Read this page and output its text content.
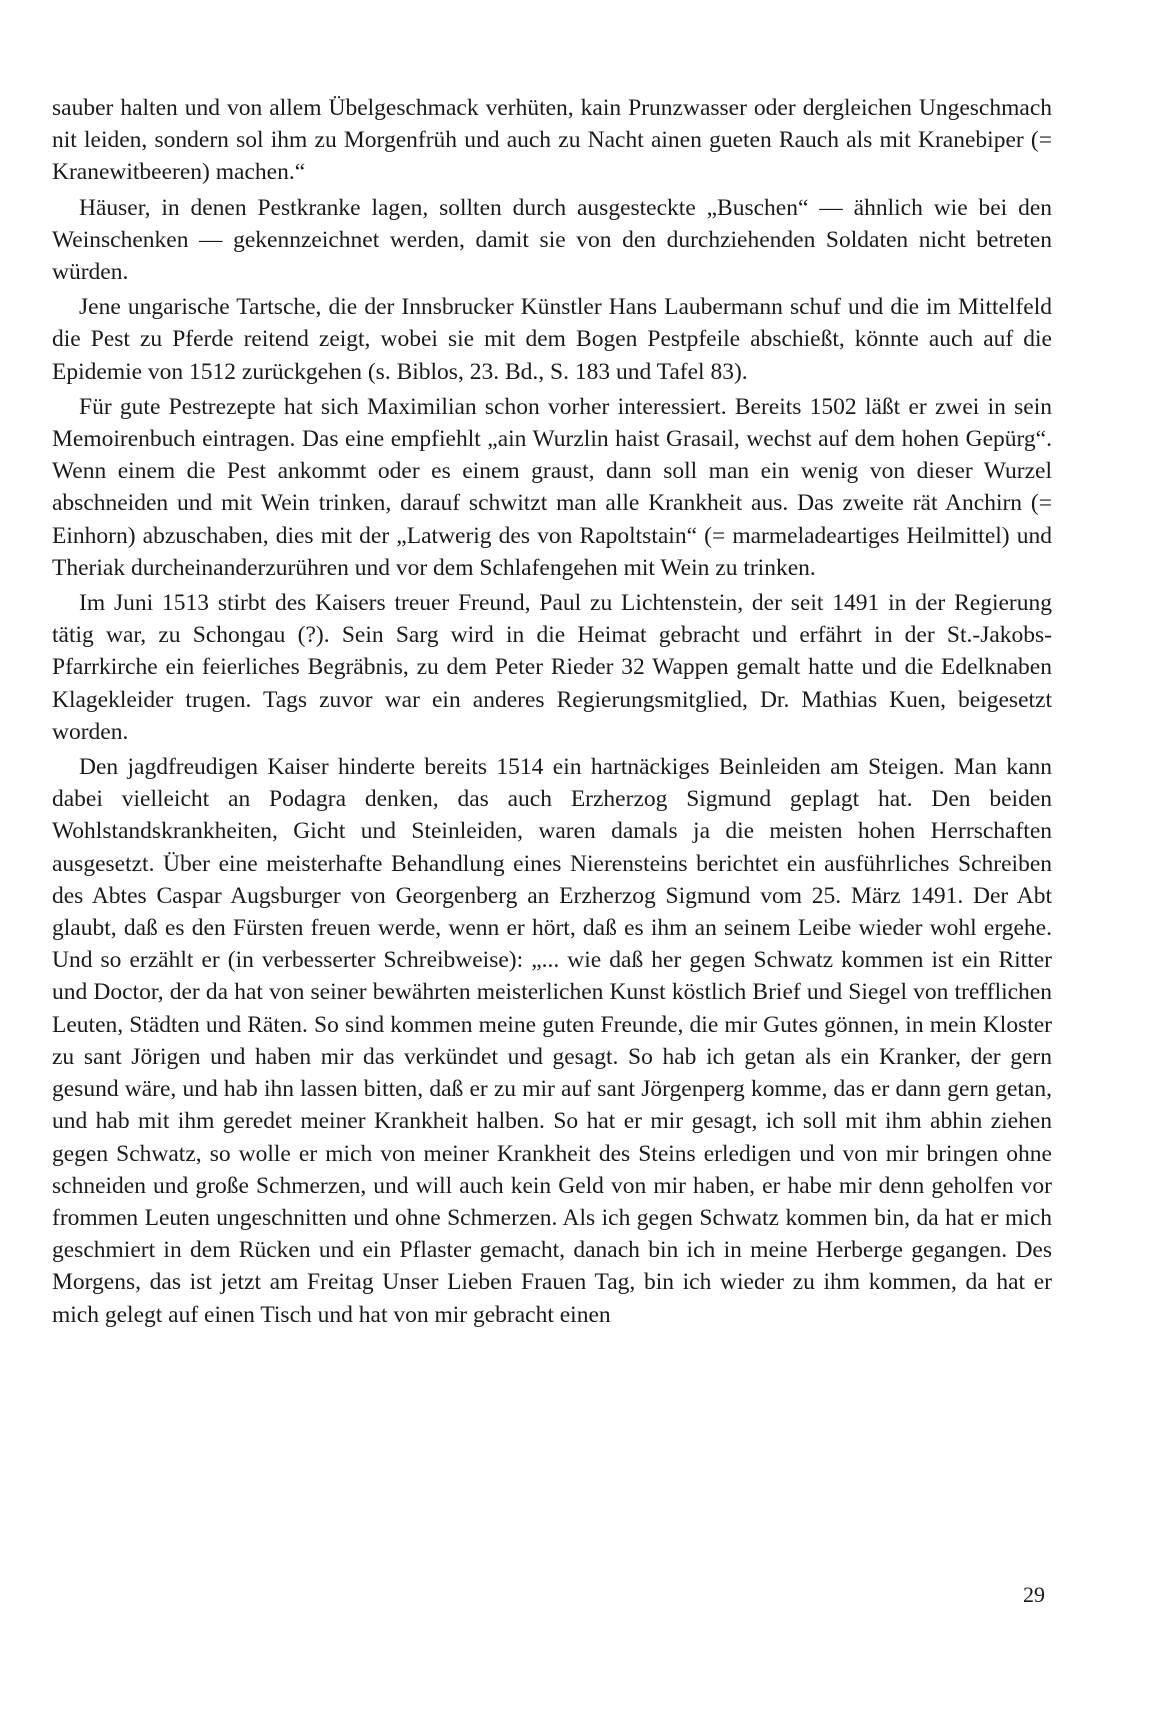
sauber halten und von allem Übelgeschmack verhüten, kain Prunzwasser oder dergleichen Ungeschmach nit leiden, sondern sol ihm zu Morgenfrüh und auch zu Nacht ainen gueten Rauch als mit Kranebiper (= Kranewitbeeren) machen.“

Häuser, in denen Pestkranke lagen, sollten durch ausgesteckte „Buschen“ — ähnlich wie bei den Weinschenken — gekennzeichnet werden, damit sie von den durchziehenden Soldaten nicht betreten würden.

Jene ungarische Tartsche, die der Innsbrucker Künstler Hans Laubermann schuf und die im Mittelfeld die Pest zu Pferde reitend zeigt, wobei sie mit dem Bogen Pestpfeile abschießt, könnte auch auf die Epidemie von 1512 zurückgehen (s. Biblos, 23. Bd., S. 183 und Tafel 83).

Für gute Pestrezepte hat sich Maximilian schon vorher interessiert. Bereits 1502 läßt er zwei in sein Memoirenbuch eintragen. Das eine empfiehlt „ain Wurzlin haist Grasail, wechst auf dem hohen Gepürg“. Wenn einem die Pest ankommt oder es einem graust, dann soll man ein wenig von dieser Wurzel abschneiden und mit Wein trinken, darauf schwitzt man alle Krankheit aus. Das zweite rät Anchirn (= Einhorn) abzuschaben, dies mit der „Latwerig des von Rapoltstain“ (= marmeladeartiges Heilmittel) und Theriak durcheinanderzurühren und vor dem Schlafengehen mit Wein zu trinken.

Im Juni 1513 stirbt des Kaisers treuer Freund, Paul zu Lichtenstein, der seit 1491 in der Regierung tätig war, zu Schongau (?). Sein Sarg wird in die Heimat gebracht und erfährt in der St.-Jakobs-Pfarrkirche ein feierliches Begräbnis, zu dem Peter Rieder 32 Wappen gemalt hatte und die Edelknaben Klagekleider trugen. Tags zuvor war ein anderes Regierungsmitglied, Dr. Mathias Kuen, beigesetzt worden.

Den jagdfreudigen Kaiser hinderte bereits 1514 ein hartnäckiges Beinleiden am Steigen. Man kann dabei vielleicht an Podagra denken, das auch Erzherzog Sigmund geplagt hat. Den beiden Wohlstandskrankheiten, Gicht und Steinleiden, waren damals ja die meisten hohen Herrschaften ausgesetzt. Über eine meisterhafte Behandlung eines Nierensteins berichtet ein ausführliches Schreiben des Abtes Caspar Augsburger von Georgenberg an Erzherzog Sigmund vom 25. März 1491. Der Abt glaubt, daß es den Fürsten freuen werde, wenn er hört, daß es ihm an seinem Leibe wieder wohl ergehe. Und so erzählt er (in verbesserter Schreibweise): „... wie daß her gegen Schwatz kommen ist ein Ritter und Doctor, der da hat von seiner bewährten meisterlichen Kunst köstlich Brief und Siegel von trefflichen Leuten, Städten und Räten. So sind kommen meine guten Freunde, die mir Gutes gönnen, in mein Kloster zu sant Jörigen und haben mir das verkündet und gesagt. So hab ich getan als ein Kranker, der gern gesund wäre, und hab ihn lassen bitten, daß er zu mir auf sant Jörgenperg komme, das er dann gern getan, und hab mit ihm geredet meiner Krankheit halben. So hat er mir gesagt, ich soll mit ihm abhin ziehen gegen Schwatz, so wolle er mich von meiner Krankheit des Steins erledigen und von mir bringen ohne schneiden und große Schmerzen, und will auch kein Geld von mir haben, er habe mir denn geholfen vor frommen Leuten ungeschnitten und ohne Schmerzen. Als ich gegen Schwatz kommen bin, da hat er mich geschmiert in dem Rücken und ein Pflaster gemacht, danach bin ich in meine Herberge gegangen. Des Morgens, das ist jetzt am Freitag Unser Lieben Frauen Tag, bin ich wieder zu ihm kommen, da hat er mich gelegt auf einen Tisch und hat von mir gebracht einen

29
